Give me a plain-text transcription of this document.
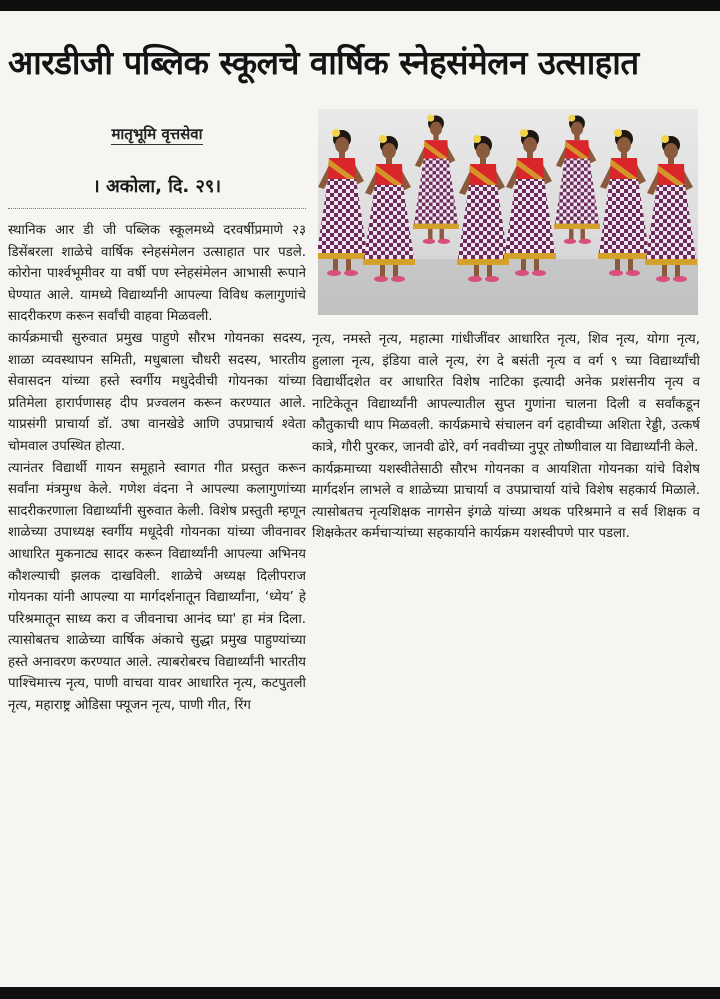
आरडीजी पब्लिक स्कूलचे वार्षिक स्नेहसंमेलन उत्साहात
मातृभूमि वृत्तसेवा
। अकोला, दि. २९।

स्थानिक आर डी जी पब्लिक स्कूलमध्ये दरवर्षीप्रमाणे २३ डिसेंबरला शाळेचे वार्षिक स्नेहसंमेलन उत्साहात पार पडले. कोरोना पार्श्वभूमीवर या वर्षी पण स्नेहसंमेलन आभासी रूपाने घेण्यात आले. यामध्ये विद्यार्थ्यांनी आपल्या विविध कलागुणांचे सादरीकरण करून सर्वांची वाहवा मिळवली.

कार्यक्रमाची सुरुवात प्रमुख पाहुणे सौरभ गोयनका सदस्य, शाळा व्यवस्थापन समिती, मधुबाला चौधरी सदस्य, भारतीय सेवासदन यांच्या हस्ते स्वर्गीय मधुदेवीची गोयनका यांच्या प्रतिमेला हारार्पणासह दीप प्रज्वलन करून करण्यात आले. याप्रसंगी प्राचार्या डॉ. उषा वानखेडे आणि उपप्राचार्य श्वेता चोमवाल उपस्थित होत्या.

त्यानंतर विद्यार्थी गायन समूहाने स्वागत गीत प्रस्तुत करून सर्वांना मंत्रमुग्ध केले. गणेश वंदना ने आपल्या कलागुणांच्या सादरीकरणाला विद्यार्थ्यांनी सुरुवात केली. विशेष प्रस्तुती म्हणून शाळेच्या उपाध्यक्ष स्वर्गीय मधूदेवी गोयनका यांच्या जीवनावर आधारित मुकनाट्य सादर करून विद्यार्थ्यांनी आपल्या अभिनय कौशल्याची झलक दाखविली. शाळेचे अध्यक्ष दिलीपराज गोयनका यांनी आपल्या या मार्गदर्शनातून विद्यार्थ्यांना, ‘ध्येय’ हे परिश्रमातून साध्य करा व जीवनाचा आनंद घ्या' हा मंत्र दिला. त्यासोबतच शाळेच्या वार्षिक अंकाचे सुद्धा प्रमुख पाहुण्यांच्या हस्ते अनावरण करण्यात आले. त्याबरोबरच विद्यार्थ्यांनी भारतीय पाश्चिमात्त्य नृत्य, पाणी वाचवा यावर आधारित नृत्य, कटपुतली नृत्य, महाराष्ट्र ओडिसा फ्यूजन नृत्य, पाणी गीत, रिंग

नृत्य, नमस्ते नृत्य, महात्मा गांधीजींवर आधारित नृत्य, शिव नृत्य, योगा नृत्य, हुलाला नृत्य, इंडिया वाले नृत्य, रंग दे बसंती नृत्य व वर्ग ९ च्या विद्यार्थ्यांची विद्यार्थीदशेत वर आधारित विशेष नाटिका इत्यादी अनेक प्रशंसनीय नृत्य व नाटिकेतून विद्यार्थ्यांनी आपल्यातील सुप्त गुणांना चालना दिली व सर्वांकडून कौतुकाची थाप मिळवली. कार्यक्रमाचे संचालन वर्ग दहावीच्या अशिता रेड्डी, उत्कर्ष कात्रे, गौरी पुरकर, जानवी ढोरे, वर्ग नववीच्या नुपूर तोष्णीवाल या विद्यार्थ्यांनी केले.

कार्यक्रमाच्या यशस्वीतेसाठी सौरभ गोयनका व आयशिता गोयनका यांचे विशेष मार्गदर्शन लाभले व शाळेच्या प्राचार्या व उपप्राचार्या यांचे विशेष सहकार्य मिळाले. त्यासोबतच नृत्यशिक्षक नागसेन इंगळे यांच्या अथक परिश्रमाने व सर्व शिक्षक व शिक्षकेतर कर्मचाऱ्यांच्या सहकार्याने कार्यक्रम यशस्वीपणे पार पडला.
